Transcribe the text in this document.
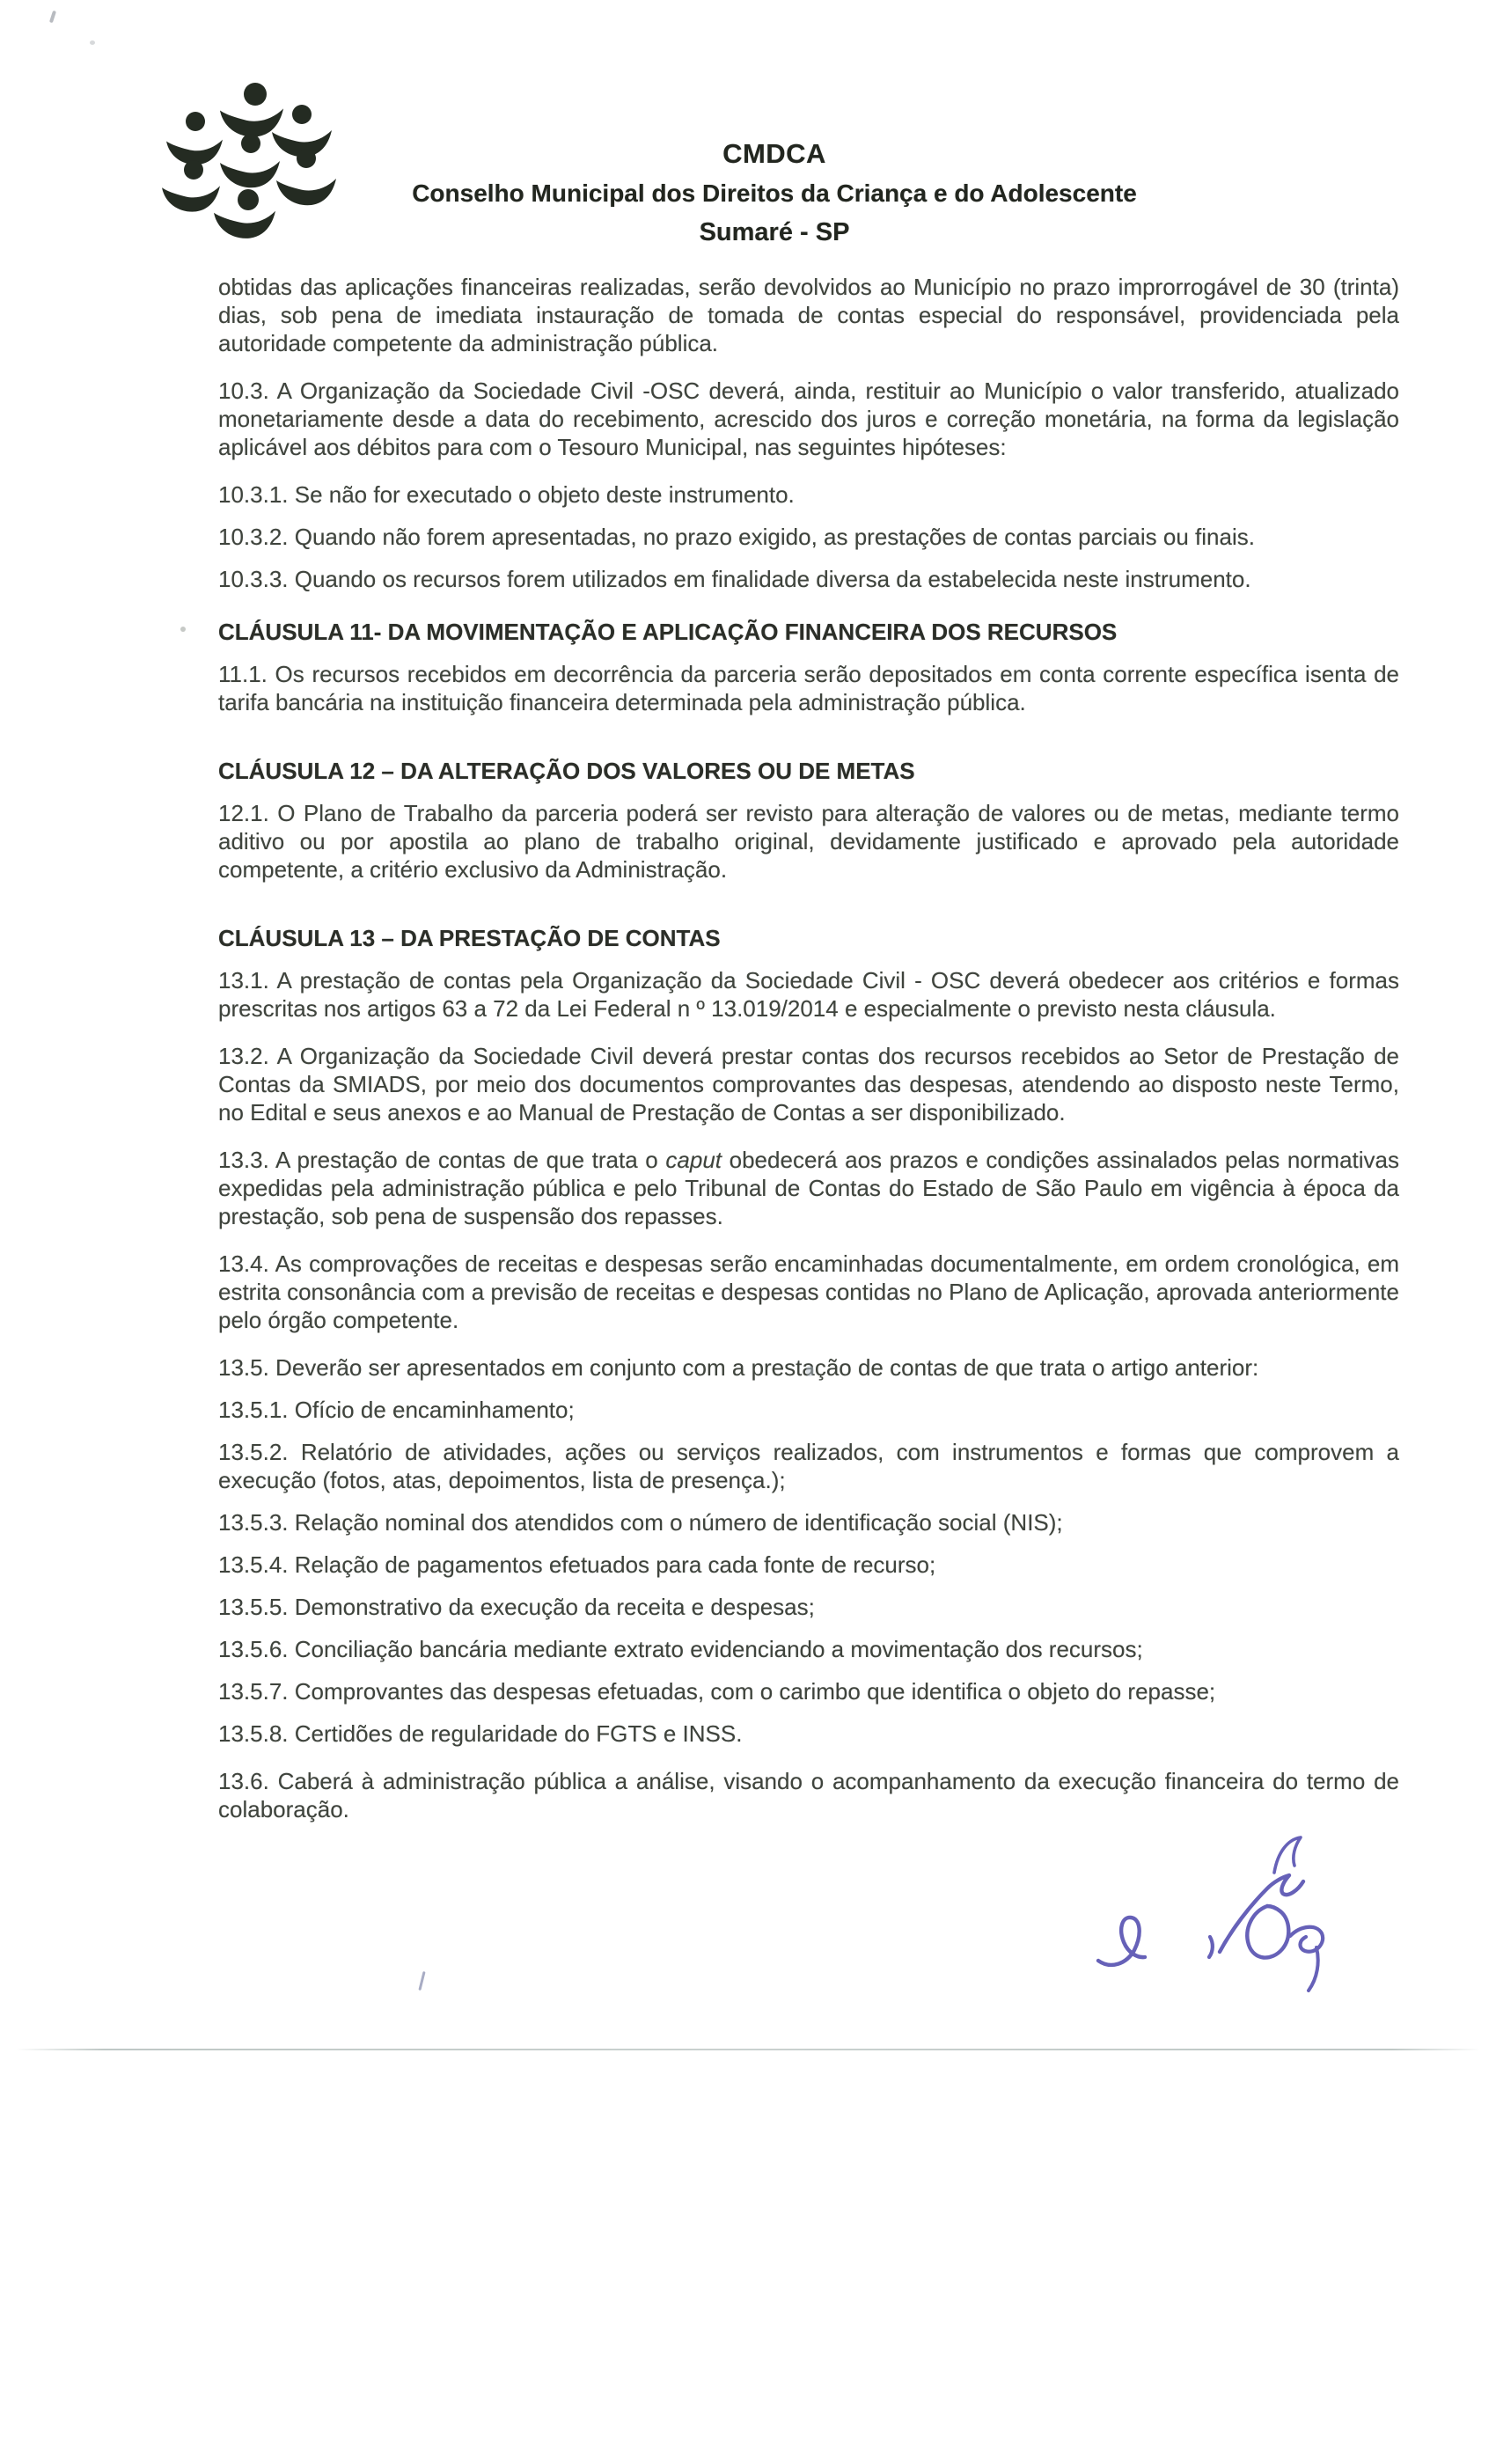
CMDCA
Conselho Municipal dos Direitos da Criança e do Adolescente
Sumaré - SP

obtidas das aplicações financeiras realizadas, serão devolvidos ao Município no prazo improrrogável de 30 (trinta) dias, sob pena de imediata instauração de tomada de contas especial do responsável, providenciada pela autoridade competente da administração pública.

10.3. A Organização da Sociedade Civil -OSC deverá, ainda, restituir ao Município o valor transferido, atualizado monetariamente desde a data do recebimento, acrescido dos juros e correção monetária, na forma da legislação aplicável aos débitos para com o Tesouro Municipal, nas seguintes hipóteses:

10.3.1. Se não for executado o objeto deste instrumento.

10.3.2. Quando não forem apresentadas, no prazo exigido, as prestações de contas parciais ou finais.

10.3.3. Quando os recursos forem utilizados em finalidade diversa da estabelecida neste instrumento.

CLÁUSULA 11- DA MOVIMENTAÇÃO E APLICAÇÃO FINANCEIRA DOS RECURSOS

11.1. Os recursos recebidos em decorrência da parceria serão depositados em conta corrente específica isenta de tarifa bancária na instituição financeira determinada pela administração pública.

CLÁUSULA 12 – DA ALTERAÇÃO DOS VALORES OU DE METAS

12.1. O Plano de Trabalho da parceria poderá ser revisto para alteração de valores ou de metas, mediante termo aditivo ou por apostila ao plano de trabalho original, devidamente justificado e aprovado pela autoridade competente, a critério exclusivo da Administração.

CLÁUSULA 13 – DA PRESTAÇÃO DE CONTAS

13.1. A prestação de contas pela Organização da Sociedade Civil - OSC deverá obedecer aos critérios e formas prescritas nos artigos 63 a 72 da Lei Federal n º 13.019/2014 e especialmente o previsto nesta cláusula.

13.2. A Organização da Sociedade Civil deverá prestar contas dos recursos recebidos ao Setor de Prestação de Contas da SMIADS, por meio dos documentos comprovantes das despesas, atendendo ao disposto neste Termo, no Edital e seus anexos e ao Manual de Prestação de Contas a ser disponibilizado.

13.3. A prestação de contas de que trata o caput obedecerá aos prazos e condições assinalados pelas normativas expedidas pela administração pública e pelo Tribunal de Contas do Estado de São Paulo em vigência à época da prestação, sob pena de suspensão dos repasses.

13.4. As comprovações de receitas e despesas serão encaminhadas documentalmente, em ordem cronológica, em estrita consonância com a previsão de receitas e despesas contidas no Plano de Aplicação, aprovada anteriormente pelo órgão competente.

13.5. Deverão ser apresentados em conjunto com a prestação de contas de que trata o artigo anterior:

13.5.1. Ofício de encaminhamento;

13.5.2. Relatório de atividades, ações ou serviços realizados, com instrumentos e formas que comprovem a execução (fotos, atas, depoimentos, lista de presença.);

13.5.3. Relação nominal dos atendidos com o número de identificação social (NIS);

13.5.4. Relação de pagamentos efetuados para cada fonte de recurso;

13.5.5. Demonstrativo da execução da receita e despesas;

13.5.6. Conciliação bancária mediante extrato evidenciando a movimentação dos recursos;

13.5.7. Comprovantes das despesas efetuadas, com o carimbo que identifica o objeto do repasse;

13.5.8. Certidões de regularidade do FGTS e INSS.

13.6. Caberá à administração pública a análise, visando o acompanhamento da execução financeira do termo de colaboração.
